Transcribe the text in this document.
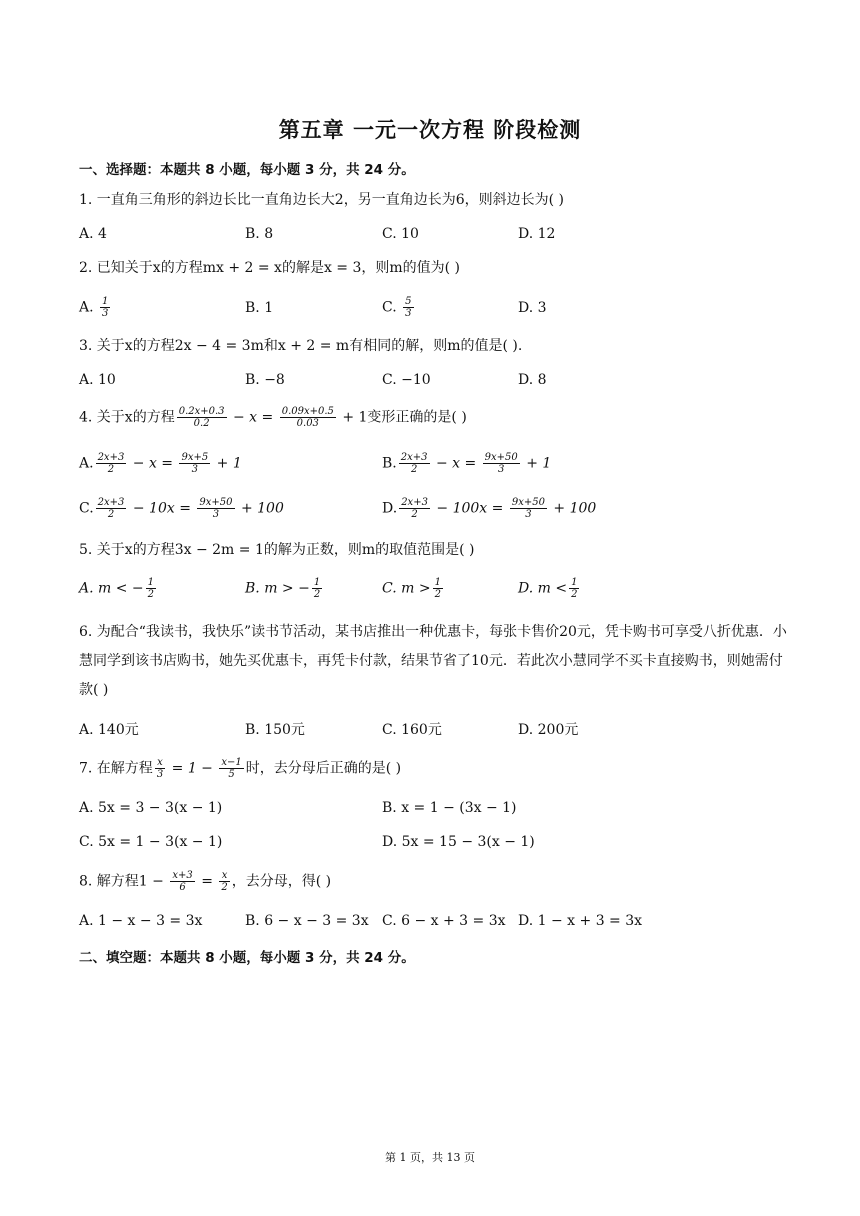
第五章 一元一次方程 阶段检测
一、选择题：本题共 8 小题，每小题 3 分，共 24 分。
1. 一直角三角形的斜边长比一直角边长大2，另一直角边长为6，则斜边长为( )
A. 4	B. 8	C. 10	D. 12
2. 已知关于x的方程mx + 2 = x的解是x = 3，则m的值为( )
A. $\frac{1}{3}$	B. 1	C. $\frac{5}{3}$	D. 3
3. 关于x的方程2x − 4 = 3m和x + 2 = m有相同的解，则m的值是( ).
A. 10	B. −8	C. −10	D. 8
4. 关于x的方程 $\frac{0.2x+0.3}{0.2} - x = \frac{0.09x+0.5}{0.03} + 1$变形正确的是( )
A. $\frac{2x+3}{2} - x = \frac{9x+5}{3} + 1$	B. $\frac{2x+3}{2} - x = \frac{9x+50}{3} + 1$
C. $\frac{2x+3}{2} - 10x = \frac{9x+50}{3} + 100$	D. $\frac{2x+3}{2} - 100x = \frac{9x+50}{3} + 100$
5. 关于x的方程3x − 2m = 1的解为正数，则m的取值范围是( )
A. m < − $\frac{1}{2}$	B. m > − $\frac{1}{2}$	C. $m > \frac{1}{2}$	D. $m < \frac{1}{2}$
6. 为配合“我读书，我快乐”读书节活动，某书店推出一种优惠卡，每张卡售价20元，凭卡购书可享受八折优惠．小慧同学到该书店购书，她先买优惠卡，再凭卡付款，结果节省了10元．若此次小慧同学不买卡直接购书，则她需付款( )
A. 140元	B. 150元	C. 160元	D. 200元
7. 在解方程 $\frac{x}{3} = 1 - \frac{x-1}{5}$ 时，去分母后正确的是( )
A. 5x = 3 − 3(x − 1)	B. x = 1 − (3x − 1)
C. 5x = 1 − 3(x − 1)	D. 5x = 15 − 3(x − 1)
8. 解方程$1 - \frac{x+3}{6} = \frac{x}{2}$ ，去分母，得( )
A. 1 − x − 3 = 3x	B. 6 − x − 3 = 3x C. 6 − x + 3 = 3x D. 1 − x + 3 = 3x
二、填空题：本题共 8 小题，每小题 3 分，共 24 分。
第 1 页，共 13 页
